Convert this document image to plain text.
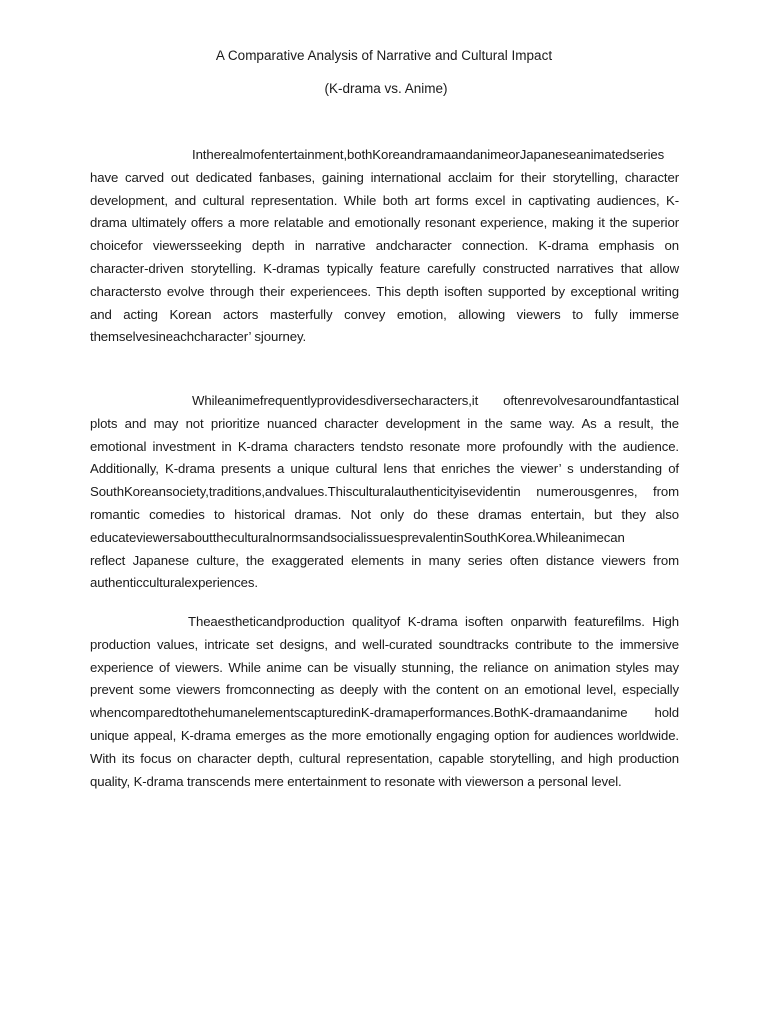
A Comparative Analysis of Narrative and Cultural Impact
(K-drama vs. Anime)

Intherealmofentertainment,bothKoreandramaandanimeorJapaneseanimatedseries
have carved out dedicated fanbases, gaining international acclaim for their storytelling, character
development, and cultural representation. While both art forms excel in captivating audiences, K-
drama ultimately offers a more relatable and emotionally resonant experience, making it the superior
choicefor viewersseeking depth in narrative andcharacter connection. K-drama emphasis on
character-driven storytelling. K-dramas typically feature carefully constructed narratives that allow
charactersto evolve through their experiencees. This depth isoften supported by exceptional writing
and acting Korean actors masterfully convey emotion, allowing viewers to fully immerse
themselvesineachcharacter’ sjourney.

Whileanimefrequentlyprovidesdiversecharacters,it oftenrevolvesaroundfantastical
plots and may not prioritize nuanced character development in the same way. As a result, the
emotional investment in K-drama characters tendsto resonate more profoundly with the audience.
Additionally, K-drama presents a unique cultural lens that enriches the viewer’ s understanding of
SouthKoreansociety,traditions,andvalues.Thisculturalauthenticityisevidentin numerousgenres, from
romantic comedies to historical dramas. Not only do these dramas entertain, but they also
educateviewersabouttheculturalnormsandsocialissuesprevalentinSouthKorea.Whileanimecan
reflect Japanese culture, the exaggerated elements in many series often distance viewers from
authenticculturalexperiences.

Theaestheticandproduction qualityof K-drama isoften onparwith featurefilms. High
production values, intricate set designs, and well-curated soundtracks contribute to the immersive
experience of viewers. While anime can be visually stunning, the reliance on animation styles may
prevent some viewers fromconnecting as deeply with the content on an emotional level, especially
whencomparedtothehumanelementscapturedinK-dramaperformances.BothK-dramaandanime hold
unique appeal, K-drama emerges as the more emotionally engaging option for audiences worldwide.
With its focus on character depth, cultural representation, capable storytelling, and high production
quality, K-drama transcends mere entertainment to resonate with viewerson a personal level.
